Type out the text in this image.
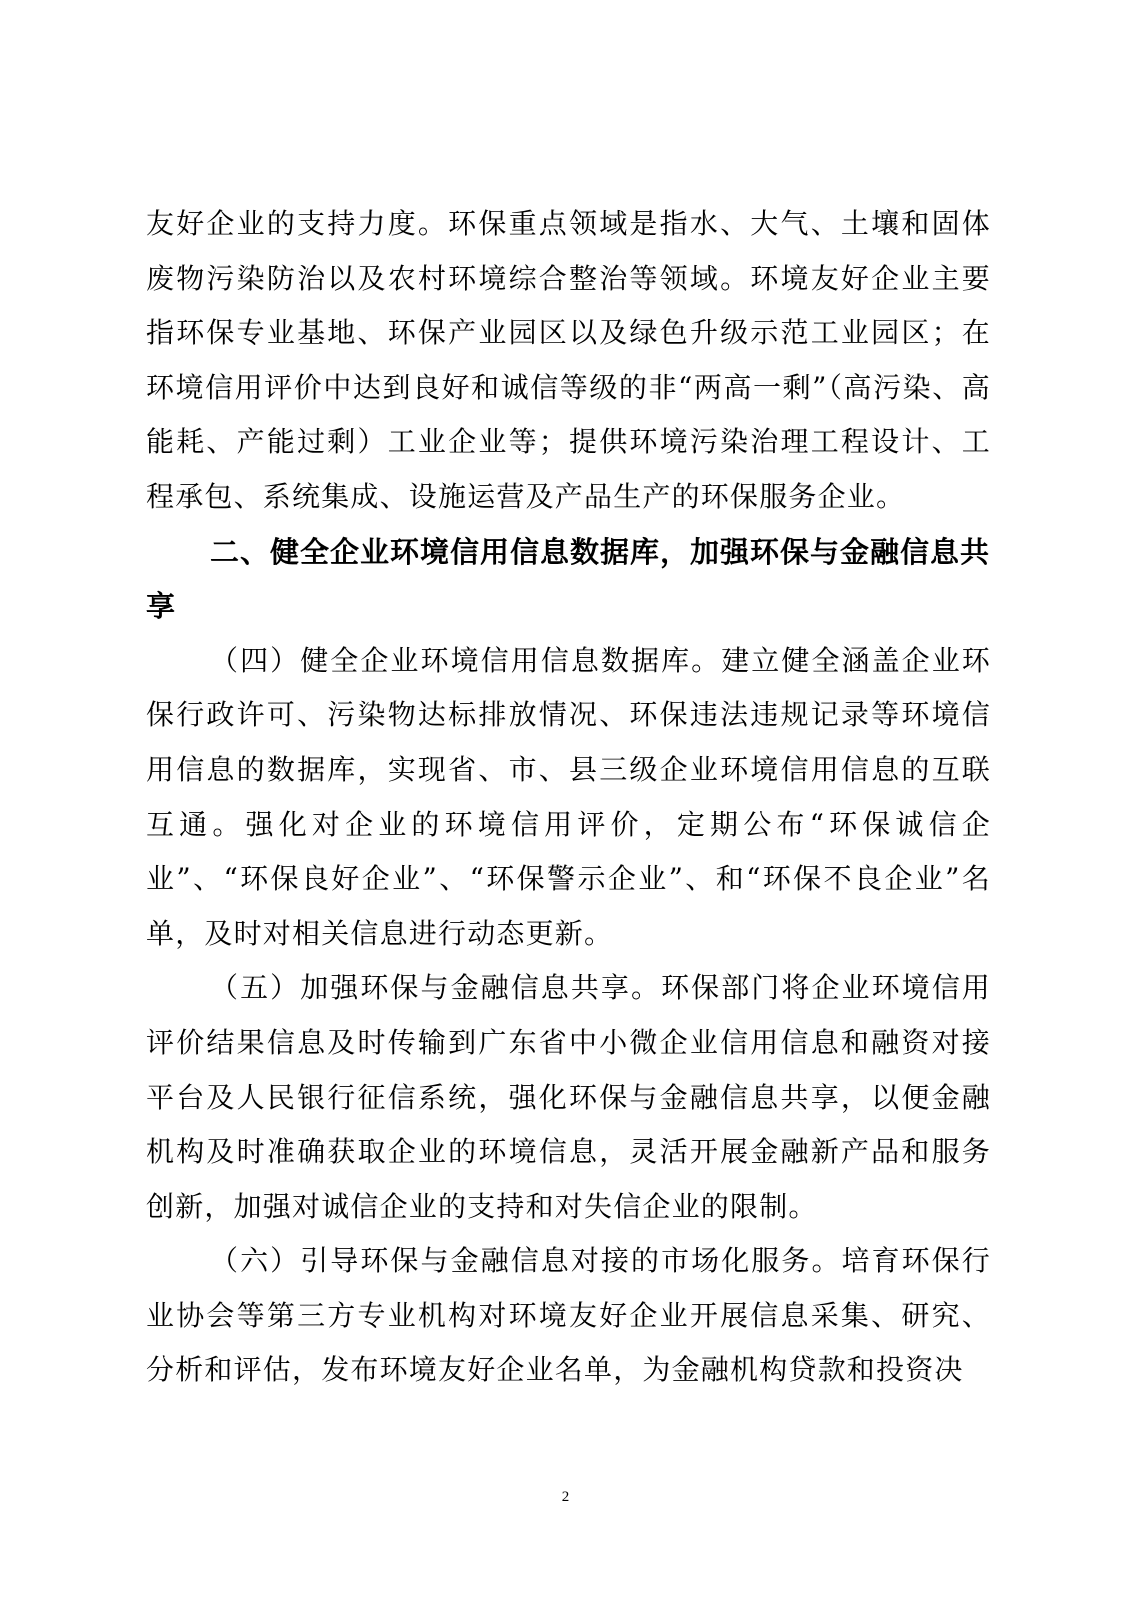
友好企业的支持力度。环保重点领域是指水、大气、土壤和固体废物污染防治以及农村环境综合整治等领域。环境友好企业主要指环保专业基地、环保产业园区以及绿色升级示范工业园区；在环境信用评价中达到良好和诚信等级的非“两高一剩”（高污染、高能耗、产能过剩）工业企业等；提供环境污染治理工程设计、工程承包、系统集成、设施运营及产品生产的环保服务企业。

二、健全企业环境信用信息数据库，加强环保与金融信息共享

（四）健全企业环境信用信息数据库。建立健全涵盖企业环保行政许可、污染物达标排放情况、环保违法违规记录等环境信用信息的数据库，实现省、市、县三级企业环境信用信息的互联互通。强化对企业的环境信用评价，定期公布“环保诚信企业”、“环保良好企业”、“环保警示企业”、和“环保不良企业”名单，及时对相关信息进行动态更新。

（五）加强环保与金融信息共享。环保部门将企业环境信用评价结果信息及时传输到广东省中小微企业信用信息和融资对接平台及人民银行征信系统，强化环保与金融信息共享，以便金融机构及时准确获取企业的环境信息，灵活开展金融新产品和服务创新，加强对诚信企业的支持和对失信企业的限制。

（六）引导环保与金融信息对接的市场化服务。培育环保行业协会等第三方专业机构对环境友好企业开展信息采集、研究、分析和评估，发布环境友好企业名单，为金融机构贷款和投资决

2
